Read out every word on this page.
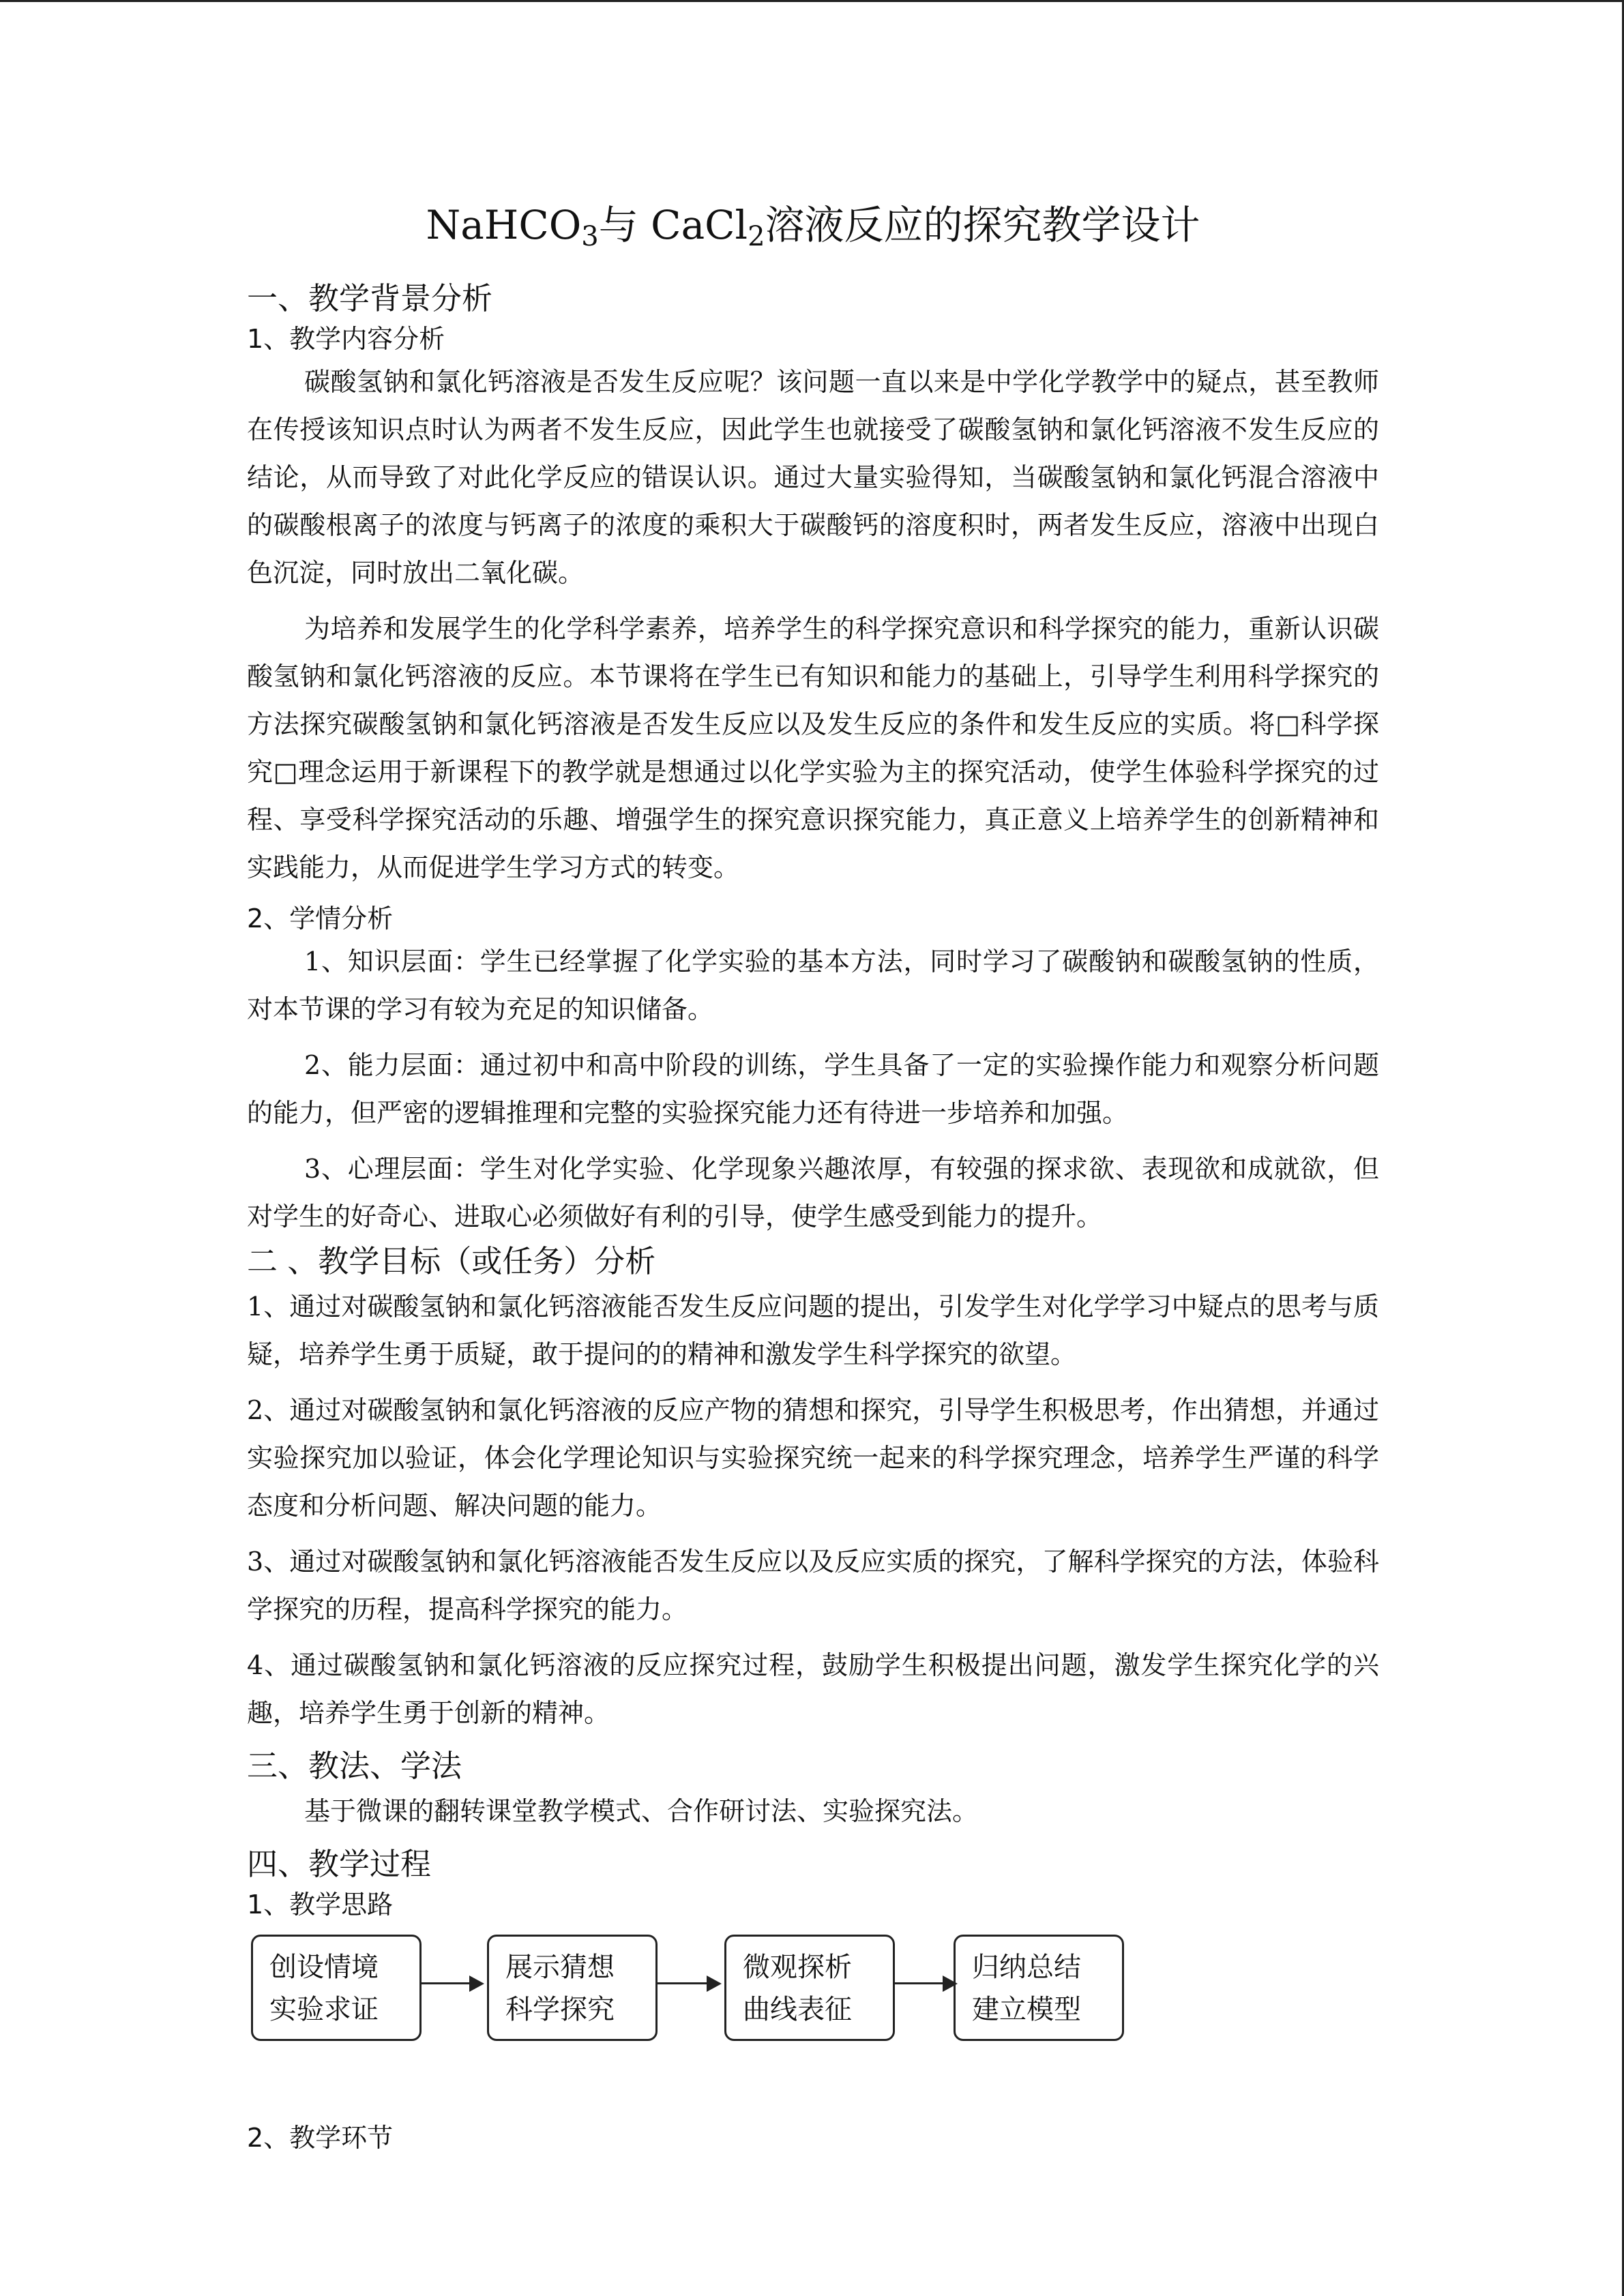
NaHCO$_3$与 CaCl$_2$溶液反应的探究教学设计
一、教学背景分析
1、教学内容分析

碳酸氢钠和氯化钙溶液是否发生反应呢？该问题一直以来是中学化学教学中的疑点，甚至教师在传授该知识点时认为两者不发生反应，因此学生也就接受了碳酸氢钠和氯化钙溶液不发生反应的结论，从而导致了对此化学反应的错误认识。通过大量实验得知，当碳酸氢钠和氯化钙混合溶液中的碳酸根离子的浓度与钙离子的浓度的乘积大于碳酸钙的溶度积时，两者发生反应，溶液中出现白色沉淀，同时放出二氧化碳。

为培养和发展学生的化学科学素养，培养学生的科学探究意识和科学探究的能力，重新认识碳酸氢钠和氯化钙溶液的反应。本节课将在学生已有知识和能力的基础上，引导学生利用科学探究的方法探究碳酸氢钠和氯化钙溶液是否发生反应以及发生反应的条件和发生反应的实质。将□科学探究□理念运用于新课程下的教学就是想通过以化学实验为主的探究活动，使学生体验科学探究的过程、享受科学探究活动的乐趣、增强学生的探究意识探究能力，真正意义上培养学生的创新精神和实践能力，从而促进学生学习方式的转变。

2、学情分析

1、知识层面：学生已经掌握了化学实验的基本方法，同时学习了碳酸钠和碳酸氢钠的性质，对本节课的学习有较为充足的知识储备。

2、能力层面：通过初中和高中阶段的训练，学生具备了一定的实验操作能力和观察分析问题的能力，但严密的逻辑推理和完整的实验探究能力还有待进一步培养和加强。

3、心理层面：学生对化学实验、化学现象兴趣浓厚，有较强的探求欲、表现欲和成就欲，但对学生的好奇心、进取心必须做好有利的引导，使学生感受到能力的提升。

二 、教学目标（或任务）分析

1、通过对碳酸氢钠和氯化钙溶液能否发生反应问题的提出，引发学生对化学学习中疑点的思考与质疑，培养学生勇于质疑，敢于提问的的精神和激发学生科学探究的欲望。

2、通过对碳酸氢钠和氯化钙溶液的反应产物的猜想和探究，引导学生积极思考，作出猜想，并通过实验探究加以验证，体会化学理论知识与实验探究统一起来的科学探究理念，培养学生严谨的科学态度和分析问题、解决问题的能力。

3、通过对碳酸氢钠和氯化钙溶液能否发生反应以及反应实质的探究，了解科学探究的方法，体验科学探究的历程，提高科学探究的能力。

4、通过碳酸氢钠和氯化钙溶液的反应探究过程，鼓励学生积极提出问题，激发学生探究化学的兴趣，培养学生勇于创新的精神。

三、教法、学法

基于微课的翻转课堂教学模式、合作研讨法、实验探究法。

四、教学过程
1、教学思路
创设情境
实验求证
展示猜想
科学探究
微观探析
曲线表征
归纳总结
建立模型
2、教学环节
